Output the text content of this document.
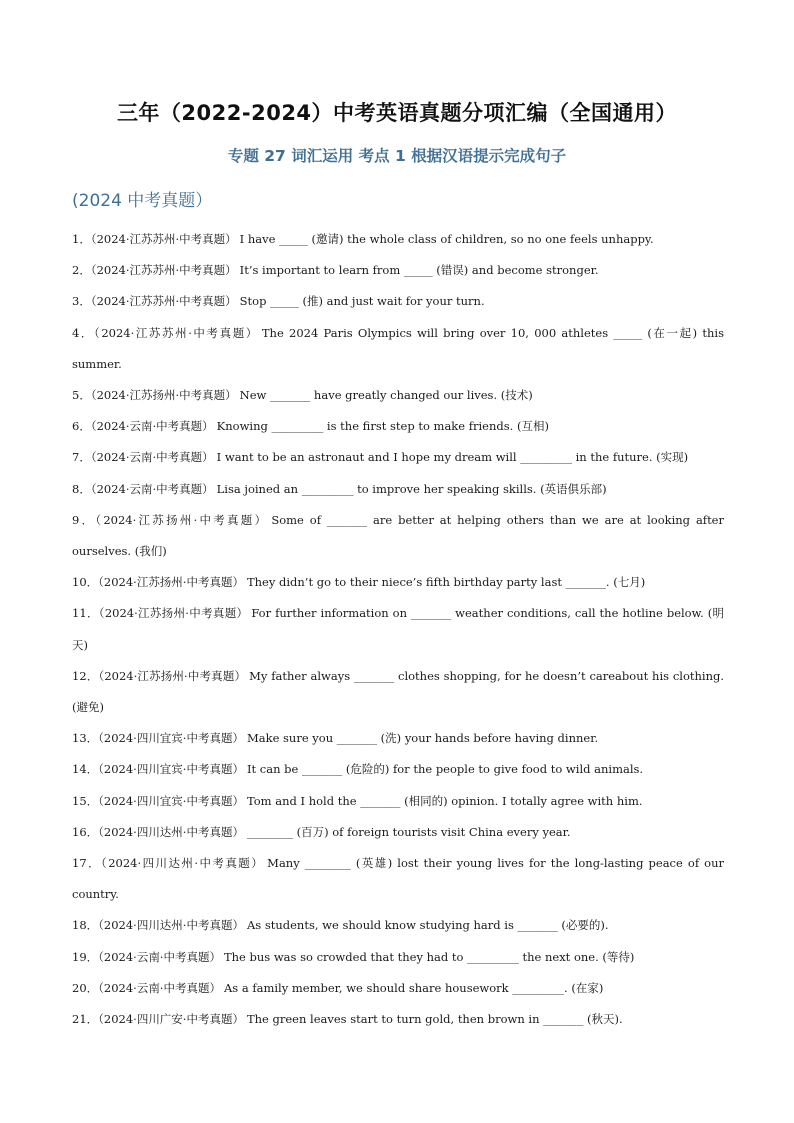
三年（2022-2024）中考英语真题分项汇编（全国通用）
专题 27 词汇运用 考点 1 根据汉语提示完成句子
(2024 中考真题）
1．（2024·江苏苏州·中考真题） I have _____ (邀请) the whole class of children, so no one feels unhappy.
2．（2024·江苏苏州·中考真题） It’s important to learn from _____ (错误) and become stronger.
3．（2024·江苏苏州·中考真题） Stop _____ (推) and just wait for your turn.
4．（2024·江苏苏州·中考真题） The 2024 Paris Olympics will bring over 10, 000 athletes _____ (在一起) this summer.
5．（2024·江苏扬州·中考真题） New _______ have greatly changed our lives. (技术)
6．（2024·云南·中考真题） Knowing _________ is the first step to make friends. (互相)
7．（2024·云南·中考真题） I want to be an astronaut and I hope my dream will _________ in the future. (实现)
8．（2024·云南·中考真题） Lisa joined an _________ to improve her speaking skills. (英语俱乐部)
9．（2024·江苏扬州·中考真题） Some of _______ are better at helping others than we are at looking after ourselves. (我们)
10．（2024·江苏扬州·中考真题） They didn’t go to their niece’s fifth birthday party last _______. (七月)
11．（2024·江苏扬州·中考真题） For further information on _______ weather conditions, call the hotline below. (明天)
12．（2024·江苏扬州·中考真题） My father always _______ clothes shopping, for he doesn’t careabout his clothing. (避免)
13．（2024·四川宜宾·中考真题） Make sure you _______ (洗) your hands before having dinner.
14．（2024·四川宜宾·中考真题） It can be _______ (危险的) for the people to give food to wild animals.
15．（2024·四川宜宾·中考真题） Tom and I hold the _______ (相同的) opinion. I totally agree with him.
16．（2024·四川达州·中考真题） ________ (百万) of foreign tourists visit China every year.
17．（2024·四川达州·中考真题） Many ________ (英雄) lost their young lives for the long-lasting peace of our country.
18．（2024·四川达州·中考真题） As students, we should know studying hard is _______ (必要的).
19．（2024·云南·中考真题） The bus was so crowded that they had to _________ the next one. (等待)
20．（2024·云南·中考真题） As a family member, we should share housework _________. (在家)
21．（2024·四川广安·中考真题） The green leaves start to turn gold, then brown in _______ (秋天).
